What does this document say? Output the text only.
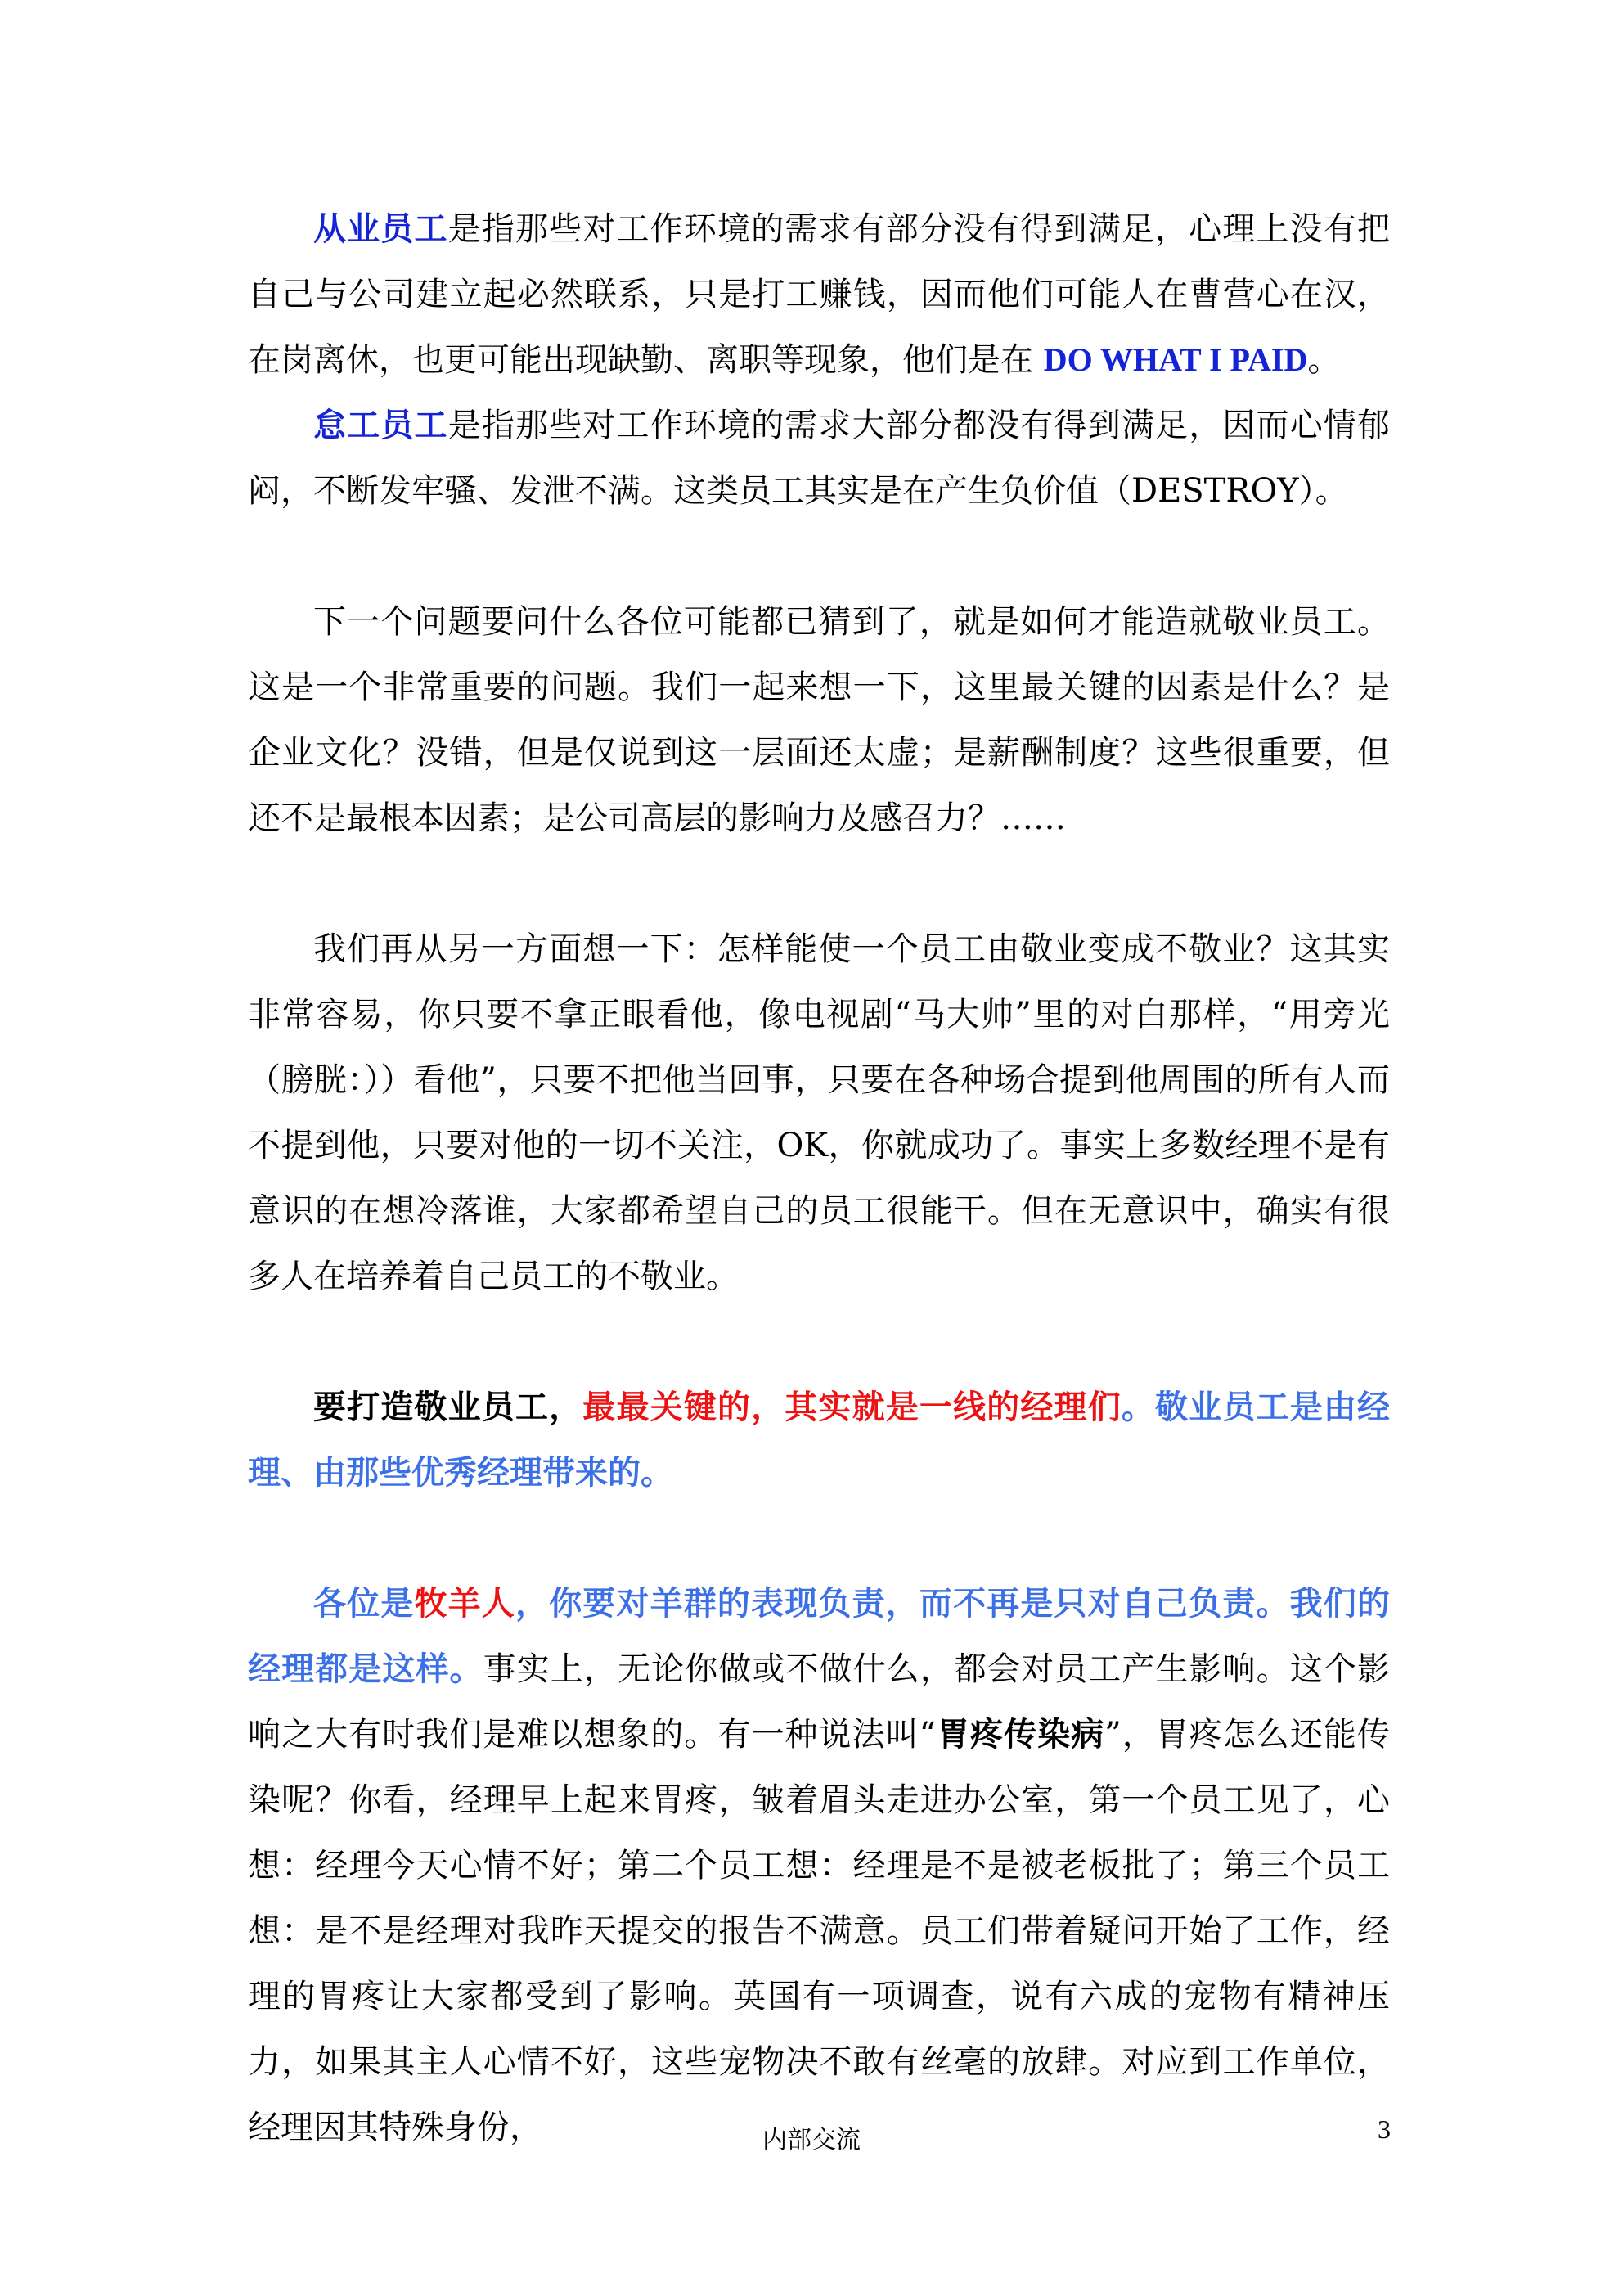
从业员工是指那些对工作环境的需求有部分没有得到满足，心理上没有把自己与公司建立起必然联系，只是打工赚钱，因而他们可能人在曹营心在汉，在岗离休，也更可能出现缺勤、离职等现象，他们是在 DO WHAT I PAID。

怠工员工是指那些对工作环境的需求大部分都没有得到满足，因而心情郁闷，不断发牢骚、发泄不满。这类员工其实是在产生负价值（DESTROY）。

下一个问题要问什么各位可能都已猜到了，就是如何才能造就敬业员工。这是一个非常重要的问题。我们一起来想一下，这里最关键的因素是什么？是企业文化？没错，但是仅说到这一层面还太虚；是薪酬制度？这些很重要，但还不是最根本因素；是公司高层的影响力及感召力？……

我们再从另一方面想一下：怎样能使一个员工由敬业变成不敬业？这其实非常容易，你只要不拿正眼看他，像电视剧“马大帅”里的对白那样，“用旁光（膀胱：））看他”，只要不把他当回事，只要在各种场合提到他周围的所有人而不提到他，只要对他的一切不关注，OK，你就成功了。事实上多数经理不是有意识的在想冷落谁，大家都希望自己的员工很能干。但在无意识中，确实有很多人在培养着自己员工的不敬业。

要打造敬业员工，最最关键的，其实就是一线的经理们。敬业员工是由经理、由那些优秀经理带来的。

各位是牧羊人，你要对羊群的表现负责，而不再是只对自己负责。我们的经理都是这样。事实上，无论你做或不做什么，都会对员工产生影响。这个影响之大有时我们是难以想象的。有一种说法叫“胃疼传染病”，胃疼怎么还能传染呢？你看，经理早上起来胃疼，皱着眉头走进办公室，第一个员工见了，心想：经理今天心情不好；第二个员工想：经理是不是被老板批了；第三个员工想：是不是经理对我昨天提交的报告不满意。员工们带着疑问开始了工作，经理的胃疼让大家都受到了影响。英国有一项调查，说有六成的宠物有精神压力，如果其主人心情不好，这些宠物决不敢有丝毫的放肆。对应到工作单位，经理因其特殊身份，	内部交流	3
